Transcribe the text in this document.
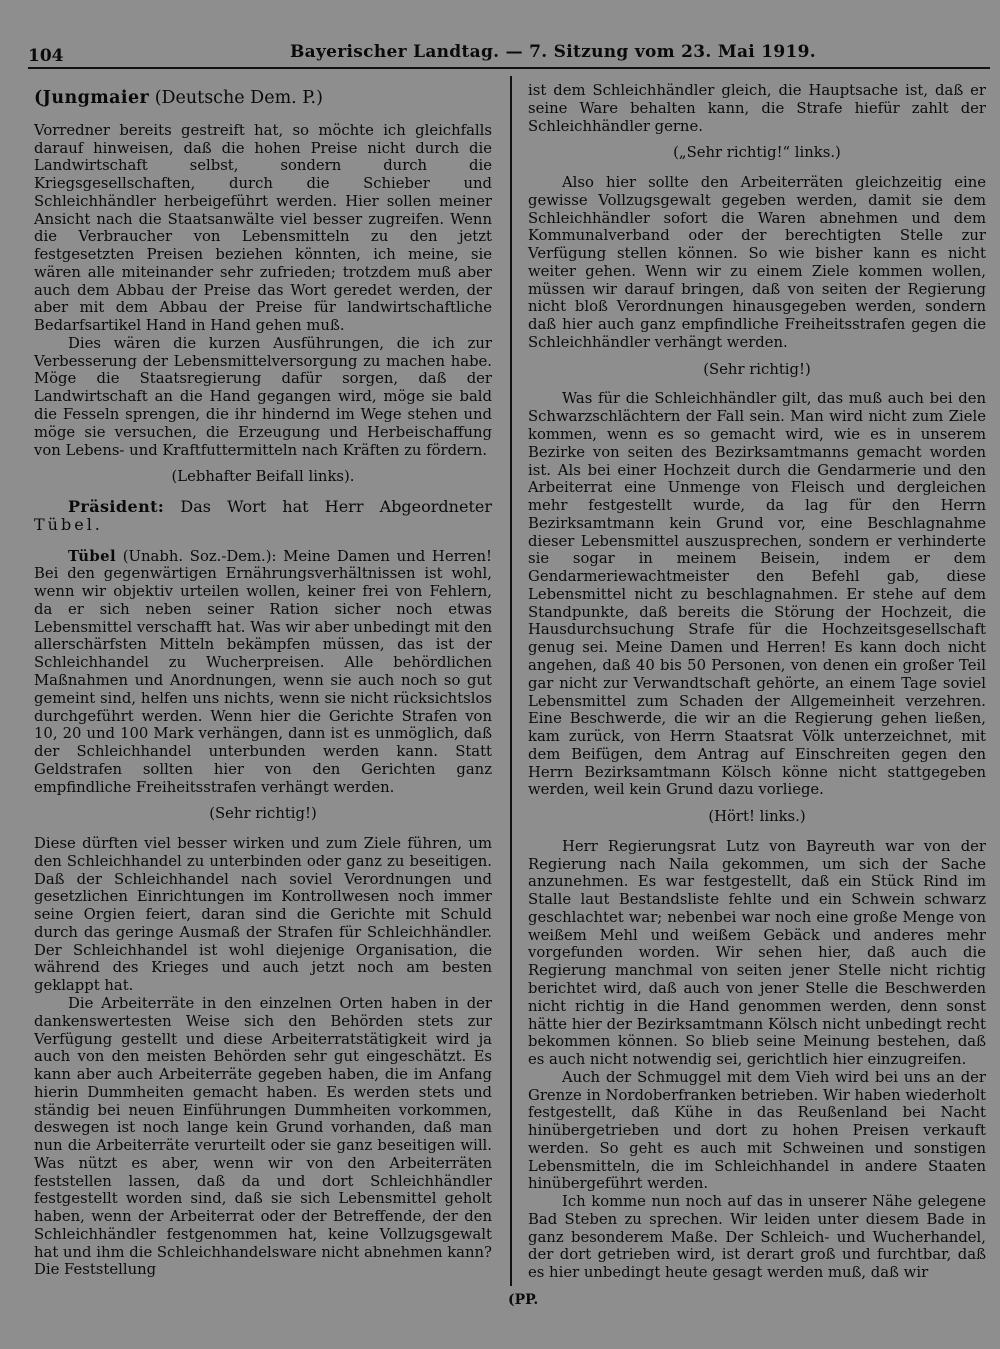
104	Bayerischer Landtag. — 7. Sitzung vom 23. Mai 1919.

(Jungmaier (Deutsche Dem. P.)

Vorredner bereits gestreift hat, so möchte ich gleichfalls darauf hinweisen, daß die hohen Preise nicht durch die Landwirtschaft selbst, sondern durch die Kriegsgesellschaften, durch die Schieber und Schleichhändler herbeigeführt werden. Hier sollen meiner Ansicht nach die Staatsanwälte viel besser zugreifen. Wenn die Verbraucher von Lebensmitteln zu den jetzt festgesetzten Preisen beziehen könnten, ich meine, sie wären alle miteinander sehr zufrieden; trotzdem muß aber auch dem Abbau der Preise das Wort geredet werden, der aber mit dem Abbau der Preise für landwirtschaftliche Bedarfsartikel Hand in Hand gehen muß.

Dies wären die kurzen Ausführungen, die ich zur Verbesserung der Lebensmittelversorgung zu machen habe. Möge die Staatsregierung dafür sorgen, daß der Landwirtschaft an die Hand gegangen wird, möge sie bald die Fesseln sprengen, die ihr hindernd im Wege stehen und möge sie versuchen, die Erzeugung und Herbeischaffung von Lebens- und Kraftfuttermitteln nach Kräften zu fördern.

(Lebhafter Beifall links).

Präsident: Das Wort hat Herr Abgeordneter Tübel.

Tübel (Unabh. Soz.-Dem.): Meine Damen und Herren! Bei den gegenwärtigen Ernährungsverhältnissen ist wohl, wenn wir objektiv urteilen wollen, keiner frei von Fehlern, da er sich neben seiner Ration sicher noch etwas Lebensmittel verschafft hat. Was wir aber unbedingt mit den allerschärfsten Mitteln bekämpfen müssen, das ist der Schleichhandel zu Wucherpreisen. Alle behördlichen Maßnahmen und Anordnungen, wenn sie auch noch so gut gemeint sind, helfen uns nichts, wenn sie nicht rücksichtslos durchgeführt werden. Wenn hier die Gerichte Strafen von 10, 20 und 100 Mark verhängen, dann ist es unmöglich, daß der Schleichhandel unterbunden werden kann. Statt Geldstrafen sollten hier von den Gerichten ganz empfindliche Freiheitsstrafen verhängt werden.

(Sehr richtig!)

Diese dürften viel besser wirken und zum Ziele führen, um den Schleichhandel zu unterbinden oder ganz zu beseitigen. Daß der Schleichhandel nach soviel Verordnungen und gesetzlichen Einrichtungen im Kontrollwesen noch immer seine Orgien feiert, daran sind die Gerichte mit Schuld durch das geringe Ausmaß der Strafen für Schleichhändler. Der Schleichhandel ist wohl diejenige Organisation, die während des Krieges und auch jetzt noch am besten geklappt hat.

Die Arbeiterräte in den einzelnen Orten haben in der dankenswertesten Weise sich den Behörden stets zur Verfügung gestellt und diese Arbeiterratstätigkeit wird ja auch von den meisten Behörden sehr gut eingeschätzt. Es kann aber auch Arbeiterräte gegeben haben, die im Anfang hierin Dummheiten gemacht haben. Es werden stets und ständig bei neuen Einführungen Dummheiten vorkommen, deswegen ist noch lange kein Grund vorhanden, daß man nun die Arbeiterräte verurteilt oder sie ganz beseitigen will. Was nützt es aber, wenn wir von den Arbeiterräten feststellen lassen, daß da und dort Schleichhändler festgestellt worden sind, daß sie sich Lebensmittel geholt haben, wenn der Arbeiterrat oder der Betreffende, der den Schleichhändler festgenommen hat, keine Vollzugsgewalt hat und ihm die Schleichhandelsware nicht abnehmen kann? Die Feststellung

ist dem Schleichhändler gleich, die Hauptsache ist, daß er seine Ware behalten kann, die Strafe hiefür zahlt der Schleichhändler gerne.

(„Sehr richtig!“ links.)

Also hier sollte den Arbeiterräten gleichzeitig eine gewisse Vollzugsgewalt gegeben werden, damit sie dem Schleichhändler sofort die Waren abnehmen und dem Kommunalverband oder der berechtigten Stelle zur Verfügung stellen können. So wie bisher kann es nicht weiter gehen. Wenn wir zu einem Ziele kommen wollen, müssen wir darauf bringen, daß von seiten der Regierung nicht bloß Verordnungen hinausgegeben werden, sondern daß hier auch ganz empfindliche Freiheitsstrafen gegen die Schleichhändler verhängt werden.

(Sehr richtig!)

Was für die Schleichhändler gilt, das muß auch bei den Schwarzschlächtern der Fall sein. Man wird nicht zum Ziele kommen, wenn es so gemacht wird, wie es in unserem Bezirke von seiten des Bezirksamtmanns gemacht worden ist. Als bei einer Hochzeit durch die Gendarmerie und den Arbeiterrat eine Unmenge von Fleisch und dergleichen mehr festgestellt wurde, da lag für den Herrn Bezirksamtmann kein Grund vor, eine Beschlagnahme dieser Lebensmittel auszusprechen, sondern er verhinderte sie sogar in meinem Beisein, indem er dem Gendarmeriewachtmeister den Befehl gab, diese Lebensmittel nicht zu beschlagnahmen. Er stehe auf dem Standpunkte, daß bereits die Störung der Hochzeit, die Hausdurchsuchung Strafe für die Hochzeitsgesellschaft genug sei. Meine Damen und Herren! Es kann doch nicht angehen, daß 40 bis 50 Personen, von denen ein großer Teil gar nicht zur Verwandtschaft gehörte, an einem Tage soviel Lebensmittel zum Schaden der Allgemeinheit verzehren. Eine Beschwerde, die wir an die Regierung gehen ließen, kam zurück, von Herrn Staatsrat Völk unterzeichnet, mit dem Beifügen, dem Antrag auf Einschreiten gegen den Herrn Bezirksamtmann Kölsch könne nicht stattgegeben werden, weil kein Grund dazu vorliege.

(Hört! links.)

Herr Regierungsrat Lutz von Bayreuth war von der Regierung nach Naila gekommen, um sich der Sache anzunehmen. Es war festgestellt, daß ein Stück Rind im Stalle laut Bestandsliste fehlte und ein Schwein schwarz geschlachtet war; nebenbei war noch eine große Menge von weißem Mehl und weißem Gebäck und anderes mehr vorgefunden worden. Wir sehen hier, daß auch die Regierung manchmal von seiten jener Stelle nicht richtig berichtet wird, daß auch von jener Stelle die Beschwerden nicht richtig in die Hand genommen werden, denn sonst hätte hier der Bezirksamtmann Kölsch nicht unbedingt recht bekommen können. So blieb seine Meinung bestehen, daß es auch nicht notwendig sei, gerichtlich hier einzugreifen.

Auch der Schmuggel mit dem Vieh wird bei uns an der Grenze in Nordoberfranken betrieben. Wir haben wiederholt festgestellt, daß Kühe in das Reußenland bei Nacht hinübergetrieben und dort zu hohen Preisen verkauft werden. So geht es auch mit Schweinen und sonstigen Lebensmitteln, die im Schleichhandel in andere Staaten hinübergeführt werden.

Ich komme nun noch auf das in unserer Nähe gelegene Bad Steben zu sprechen. Wir leiden unter diesem Bade in ganz besonderem Maße. Der Schleich- und Wucherhandel, der dort getrieben wird, ist derart groß und furchtbar, daß es hier unbedingt heute gesagt werden muß, daß wir

(PP.
